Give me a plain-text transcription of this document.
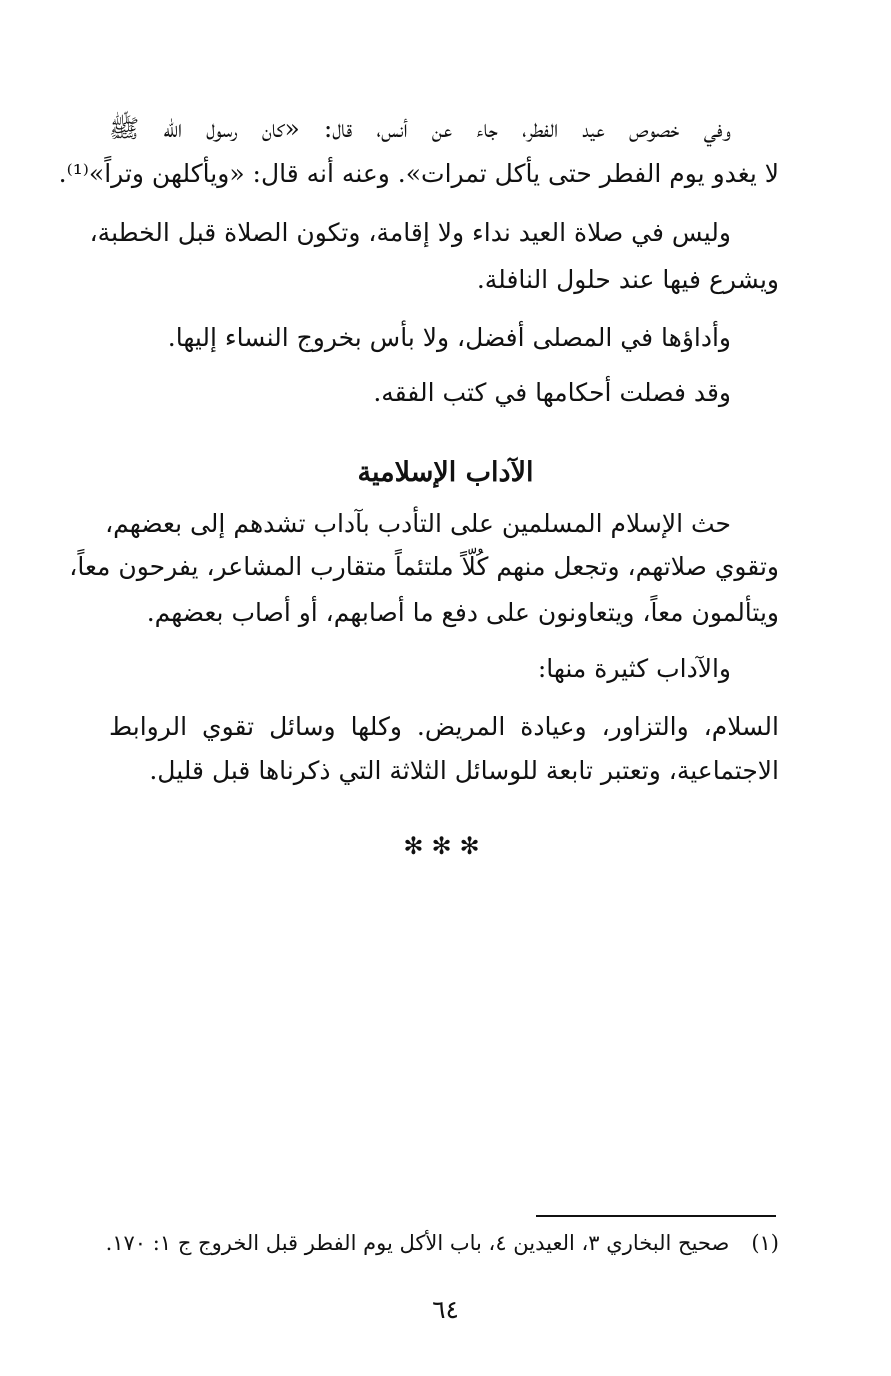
وفي خصوص عيد الفطر، جاء عن أنس، قال: «كان رسول الله ﷺ
لا يغدو يوم الفطر حتى يأكل تمرات». وعنه أنه قال: «ويأكلهن وتراً»⁽¹⁾.
وليس في صلاة العيد نداء ولا إقامة، وتكون الصلاة قبل الخطبة،
ويشرع فيها عند حلول النافلة.
وأداؤها في المصلى أفضل، ولا بأس بخروج النساء إليها.
وقد فصلت أحكامها في كتب الفقه.
الآداب الإسلامية
حث الإسلام المسلمين على التأدب بآداب تشدهم إلى بعضهم،
وتقوي صلاتهم، وتجعل منهم كُلّاً ملتئماً متقارب المشاعر، يفرحون معاً،
ويتألمون معاً، ويتعاونون على دفع ما أصابهم، أو أصاب بعضهم.
والآداب كثيرة منها:
السلام، والتزاور، وعيادة المريض. وكلها وسائل تقوي الروابط
الاجتماعية، وتعتبر تابعة للوسائل الثلاثة التي ذكرناها قبل قليل.
✻✻✻
(١)صحيح البخاري ٣، العيدين ٤، باب الأكل يوم الفطر قبل الخروج ج ١: ١٧٠.
٦٤
